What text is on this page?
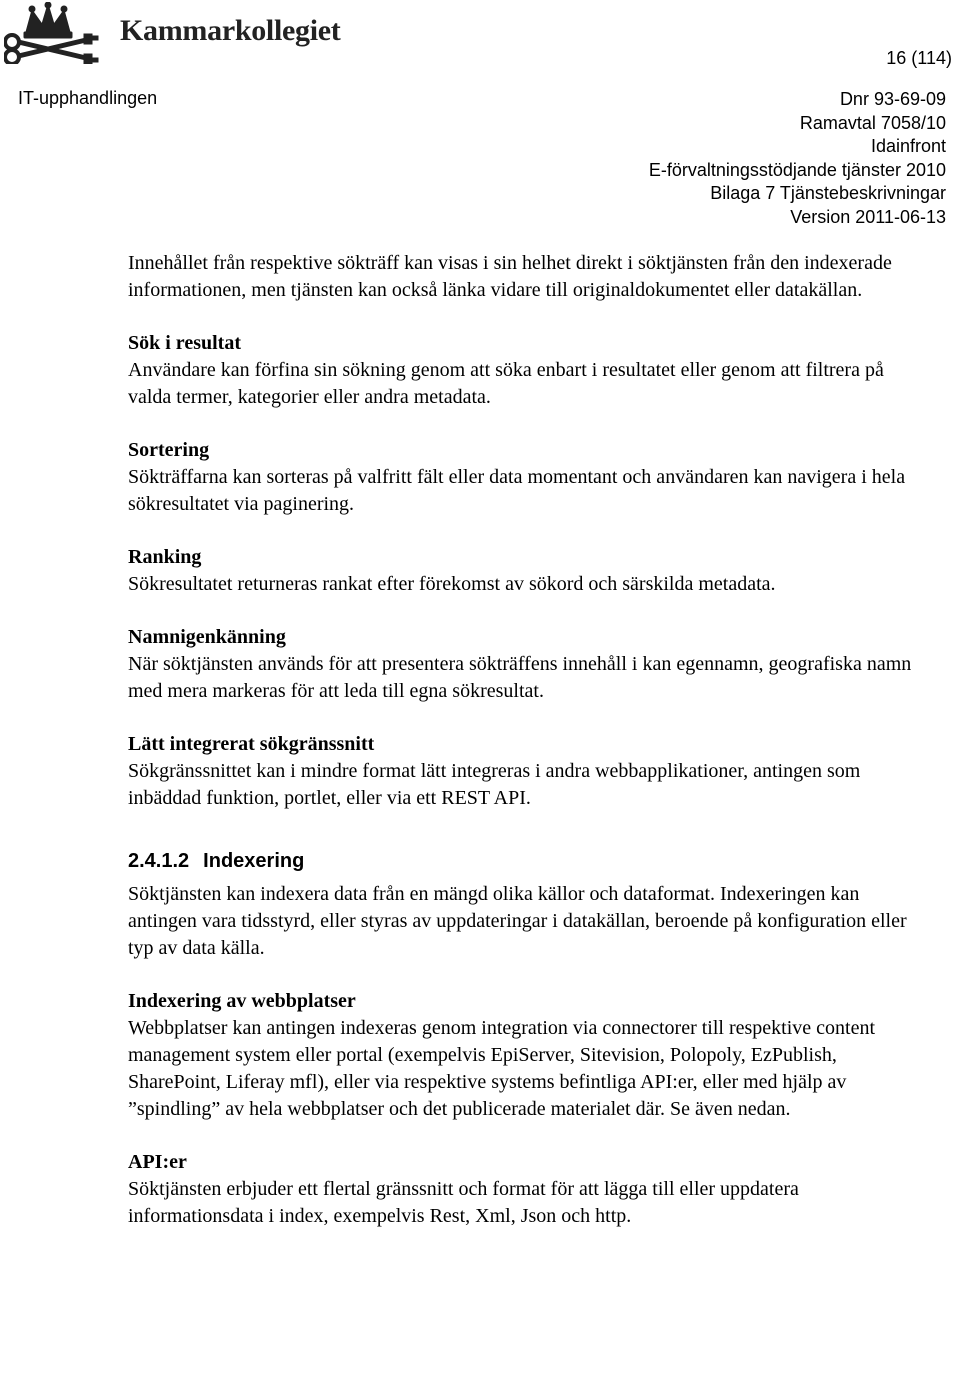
Kammarkollegiet
16 (114)
IT-upphandlingen	Dnr 93-69-09
Ramavtal 7058/10
Idainfront
E-förvaltningsstödjande tjänster 2010
Bilaga 7 Tjänstebeskrivningar
Version 2011-06-13

Innehållet från respektive sökträff kan visas i sin helhet direkt i söktjänsten från den indexerade informationen, men tjänsten kan också länka vidare till originaldokumentet eller datakällan.

Sök i resultat

Användare kan förfina sin sökning genom att söka enbart i resultatet eller genom att filtrera på valda termer, kategorier eller andra metadata.

Sortering

Sökträffarna kan sorteras på valfritt fält eller data momentant och användaren kan navigera i hela sökresultatet via paginering.

Ranking

Sökresultatet returneras rankat efter förekomst av sökord och särskilda metadata.

Namnigenkänning

När söktjänsten används för att presentera sökträffens innehåll i kan egennamn, geografiska namn med mera markeras för att leda till egna sökresultat.

Lätt integrerat sökgränssnitt

Sökgränssnittet kan i mindre format lätt integreras i andra webbapplikationer, antingen som inbäddad funktion, portlet, eller via ett REST API.

2.4.1.2 Indexering

Söktjänsten kan indexera data från en mängd olika källor och dataformat. Indexeringen kan antingen vara tidsstyrd, eller styras av uppdateringar i datakällan, beroende på konfiguration eller typ av data källa.

Indexering av webbplatser

Webbplatser kan antingen indexeras genom integration via connectorer till respektive content management system eller portal (exempelvis EpiServer, Sitevision, Polopoly, EzPublish, SharePoint, Liferay mfl), eller via respektive systems befintliga API:er, eller med hjälp av ”spindling” av hela webbplatser och det publicerade materialet där. Se även nedan.

API:er

Söktjänsten erbjuder ett flertal gränssnitt och format för att lägga till eller uppdatera informationsdata i index, exempelvis Rest, Xml, Json och http.
